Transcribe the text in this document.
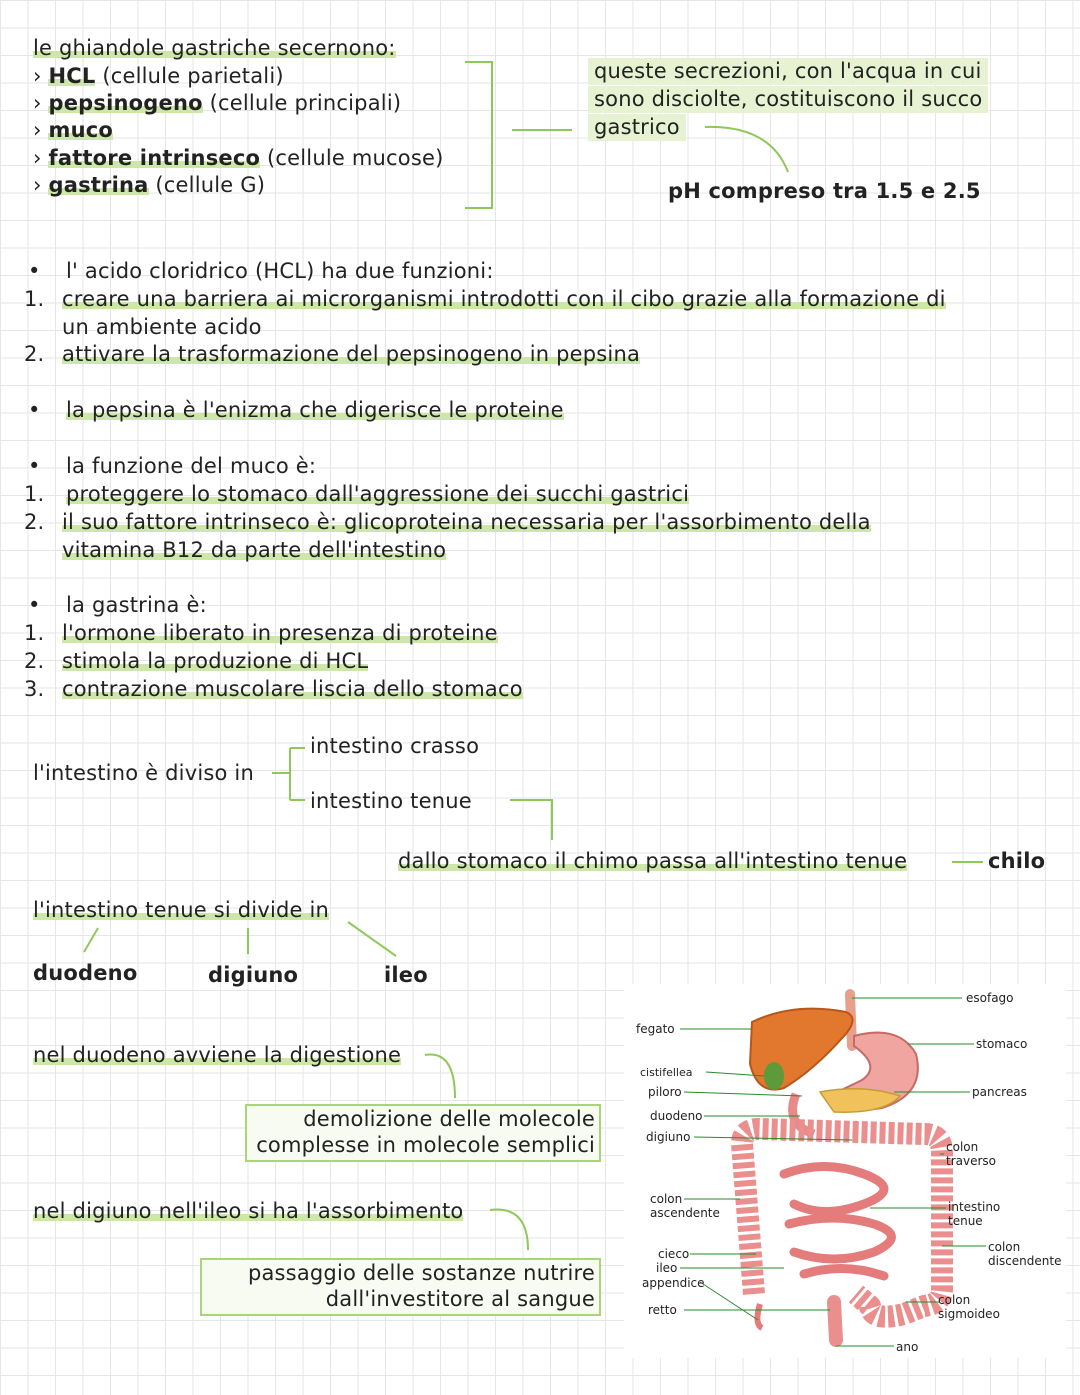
le ghiandole gastriche secernono:
› HCL (cellule parietali)
› pepsinogeno (cellule principali)
› muco
› fattore intrinseco (cellule mucose)
› gastrina (cellule G)
queste secrezioni, con l'acqua in cui
sono disciolte, costituiscono il succo
gastrico
pH compreso tra 1.5 e 2.5
• l' acido cloridrico (HCL) ha due funzioni:
1. creare una barriera ai microrganismi introdotti con il cibo grazie alla formazione di
un ambiente acido
2. attivare la trasformazione del pepsinogeno in pepsina
• la pepsina è l'enizma che digerisce le proteine
• la funzione del muco è:
1. proteggere lo stomaco dall'aggressione dei succhi gastrici
2. il suo fattore intrinseco è: glicoproteina necessaria per l'assorbimento della
vitamina B12 da parte dell'intestino
• la gastrina è:
1. l'ormone liberato in presenza di proteine
2. stimola la produzione di HCL
3. contrazione muscolare liscia dello stomaco
l'intestino è diviso in
intestino crasso
intestino tenue
dallo stomaco il chimo passa all'intestino tenue	chilo
l'intestino tenue si divide in
duodeno	digiuno	ileo
nel duodeno avviene la digestione
demolizione delle molecole
complesse in molecole semplici
nel digiuno nell'ileo si ha l'assorbimento
passaggio delle sostanze nutrire
dall'investitore al sangue
fegato
cistifellea
piloro
duodeno
digiuno
colon ascendente
cieco
ileo
appendice
retto
esofago
stomaco
pancreas
colon traverso
intestino tenue
colon discendente
colon sigmoideo
ano
